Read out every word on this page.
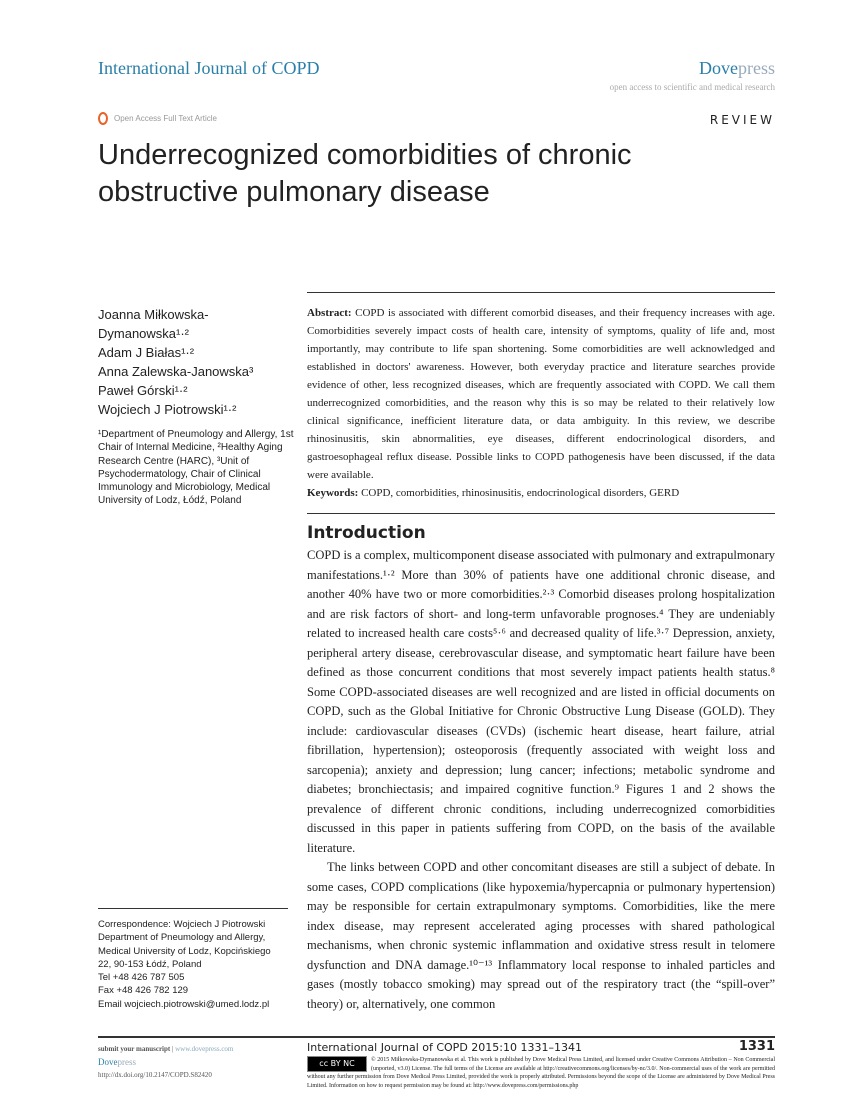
International Journal of COPD	Dovepress
open access to scientific and medical research
Open Access Full Text Article	REVIEW
Underrecognized comorbidities of chronic obstructive pulmonary disease
Joanna Miłkowska-
Dymanowska¹·²
Adam J Białas¹·²
Anna Zalewska-Janowska³
Paweł Górski¹·²
Wojciech J Piotrowski¹·²
¹Department of Pneumology and Allergy, 1st Chair of Internal Medicine, ²Healthy Aging Research Centre (HARC), ³Unit of Psychodermatology, Chair of Clinical Immunology and Microbiology, Medical University of Lodz, Łódź, Poland
Correspondence: Wojciech J Piotrowski
Department of Pneumology and Allergy,
Medical University of Lodz, Kopcińskiego
22, 90-153 Łódź, Poland
Tel +48 426 787 505
Fax +48 426 782 129
Email wojciech.piotrowski@umed.lodz.pl
Abstract: COPD is associated with different comorbid diseases, and their frequency increases with age. Comorbidities severely impact costs of health care, intensity of symptoms, quality of life and, most importantly, may contribute to life span shortening. Some comorbidities are well acknowledged and established in doctors' awareness. However, both everyday practice and literature searches provide evidence of other, less recognized diseases, which are frequently associated with COPD. We call them underrecognized comorbidities, and the reason why this is so may be related to their relatively low clinical significance, inefficient literature data, or data ambiguity. In this review, we describe rhinosinusitis, skin abnormalities, eye diseases, different endocrinological disorders, and gastroesophageal reflux disease. Possible links to COPD pathogenesis have been discussed, if the data were available.
Keywords: COPD, comorbidities, rhinosinusitis, endocrinological disorders, GERD
Introduction

COPD is a complex, multicomponent disease associated with pulmonary and extrapulmonary manifestations.¹·² More than 30% of patients have one additional chronic disease, and another 40% have two or more comorbidities.²·³ Comorbid diseases prolong hospitalization and are risk factors of short- and long-term unfavorable prognoses.⁴ They are undeniably related to increased health care costs⁵·⁶ and decreased quality of life.³·⁷ Depression, anxiety, peripheral artery disease, cerebrovascular disease, and symptomatic heart failure have been defined as those concurrent conditions that most severely impact patients health status.⁸ Some COPD-associated diseases are well recognized and are listed in official documents on COPD, such as the Global Initiative for Chronic Obstructive Lung Disease (GOLD). They include: cardiovascular diseases (CVDs) (ischemic heart disease, heart failure, atrial fibrillation, hypertension); osteoporosis (frequently associated with weight loss and sarcopenia); anxiety and depression; lung cancer; infections; metabolic syndrome and diabetes; bronchiectasis; and impaired cognitive function.⁹ Figures 1 and 2 shows the prevalence of different chronic conditions, including underrecognized comorbidities discussed in this paper in patients suffering from COPD, on the basis of the available literature.

The links between COPD and other concomitant diseases are still a subject of debate. In some cases, COPD complications (like hypoxemia/hypercapnia or pulmonary hypertension) may be responsible for certain extrapulmonary symptoms. Comorbidities, like the mere index disease, may represent accelerated aging processes with shared pathological mechanisms, when chronic systemic inflammation and oxidative stress result in telomere dysfunction and DNA damage.¹⁰⁻¹³ Inflammatory local response to inhaled particles and gases (mostly tobacco smoking) may spread out of the respiratory tract (the “spill-over” theory) or, alternatively, one common

submit your manuscript | www.dovepress.com
Dovepress
http://dx.doi.org/10.2147/COPD.S82420
International Journal of COPD 2015:10 1331–1341	1331
cc BY NC	© 2015 Miłkowska-Dymanowska et al. This work is published by Dove Medical Press Limited, and licensed under Creative Commons Attribution – Non Commercial (unported, v3.0) License. The full terms of the License are available at http://creativecommons.org/licenses/by-nc/3.0/. Non-commercial uses of the work are permitted without any further permission from Dove Medical Press Limited, provided the work is properly attributed. Permissions beyond the scope of the License are administered by Dove Medical Press Limited. Information on how to request permission may be found at: http://www.dovepress.com/permissions.php
